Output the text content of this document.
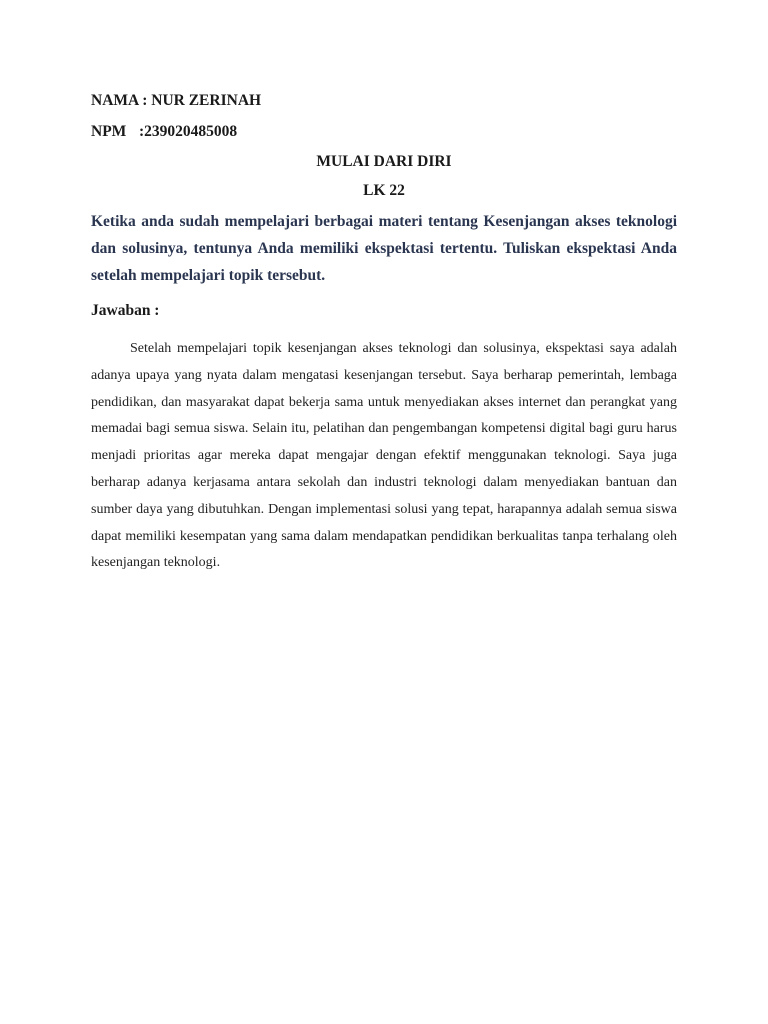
NAMA : NUR ZERINAH
NPM :239020485008
MULAI DARI DIRI
LK 22
Ketika anda sudah mempelajari berbagai materi tentang Kesenjangan akses teknologi dan solusinya, tentunya Anda memiliki ekspektasi tertentu. Tuliskan ekspektasi Anda setelah mempelajari topik tersebut.
Jawaban :
Setelah mempelajari topik kesenjangan akses teknologi dan solusinya, ekspektasi saya adalah adanya upaya yang nyata dalam mengatasi kesenjangan tersebut. Saya berharap pemerintah, lembaga pendidikan, dan masyarakat dapat bekerja sama untuk menyediakan akses internet dan perangkat yang memadai bagi semua siswa. Selain itu, pelatihan dan pengembangan kompetensi digital bagi guru harus menjadi prioritas agar mereka dapat mengajar dengan efektif menggunakan teknologi. Saya juga berharap adanya kerjasama antara sekolah dan industri teknologi dalam menyediakan bantuan dan sumber daya yang dibutuhkan. Dengan implementasi solusi yang tepat, harapannya adalah semua siswa dapat memiliki kesempatan yang sama dalam mendapatkan pendidikan berkualitas tanpa terhalang oleh kesenjangan teknologi.
